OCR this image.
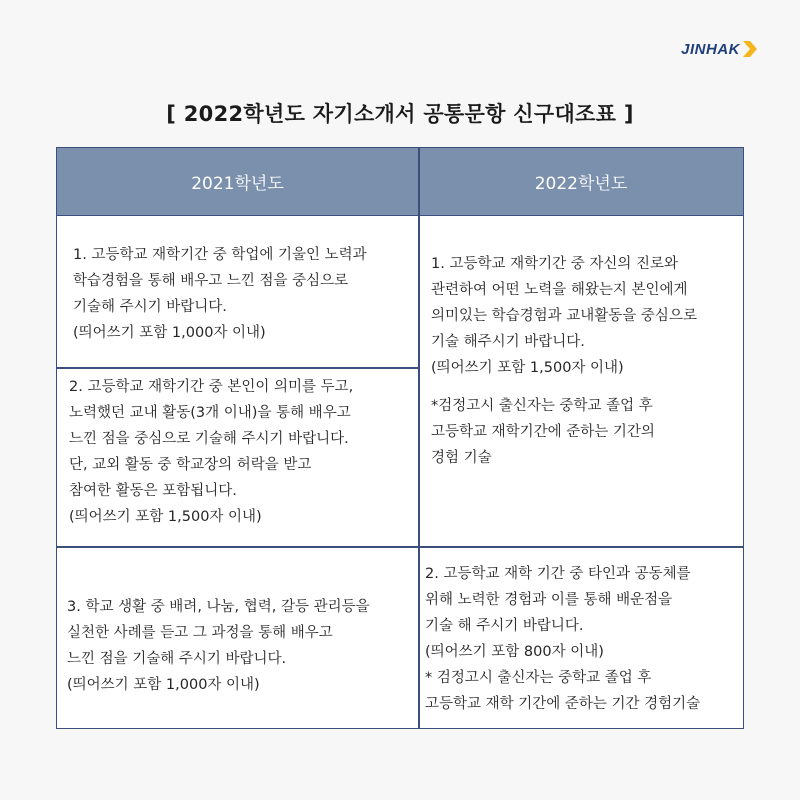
JINHAK
[ 2022학년도 자기소개서 공통문항 신구대조표 ]
2021학년도	2022학년도

1. 고등학교 재학기간 중 학업에 기울인 노력과

학습경험을 통해 배우고 느낀 점을 중심으로

기술해 주시기 바랍니다.

(띄어쓰기 포함 1,000자 이내)

2. 고등학교 재학기간 중 본인이 의미를 두고,

노력했던 교내 활동(3개 이내)을 통해 배우고

느낀 점을 중심으로 기술해 주시기 바랍니다.

단, 교외 활동 중 학교장의 허락을 받고

참여한 활동은 포함됩니다.

(띄어쓰기 포함 1,500자 이내)

3. 학교 생활 중 배려, 나눔, 협력, 갈등 관리등을

실천한 사례를 듣고 그 과정을 통해 배우고

느낀 점을 기술해 주시기 바랍니다.

(띄어쓰기 포함 1,000자 이내)

1. 고등학교 재학기간 중 자신의 진로와

관련하여 어떤 노력을 해왔는지 본인에게

의미있는 학습경험과 교내활동을 중심으로

기술 해주시기 바랍니다.

(띄어쓰기 포함 1,500자 이내)

*검정고시 출신자는 중학교 졸업 후

고등학교 재학기간에 준하는 기간의

경험 기술

2. 고등학교 재학 기간 중 타인과 공동체를

위해 노력한 경험과 이를 통해 배운점을

기술 해 주시기 바랍니다.

(띄어쓰기 포함 800자 이내)

* 검정고시 출신자는 중학교 졸업 후

고등학교 재학 기간에 준하는 기간 경험기술
